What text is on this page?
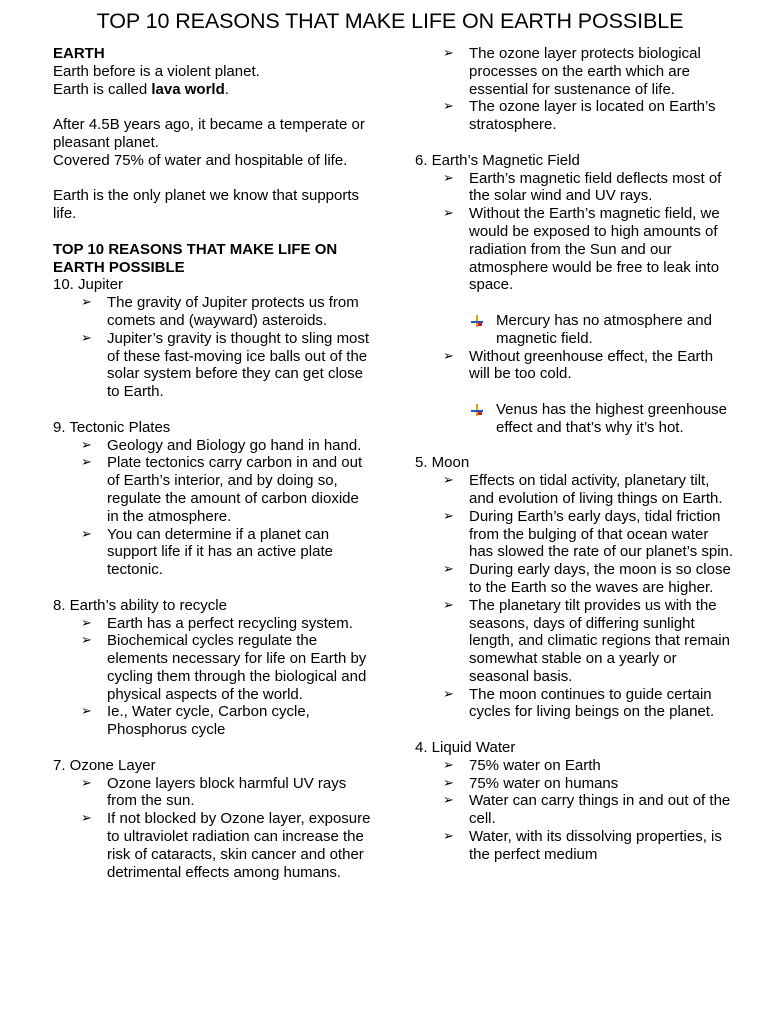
TOP 10 REASONS THAT MAKE LIFE ON EARTH POSSIBLE

EARTH

Earth before is a violent planet.

Earth is called lava world.

After 4.5B years ago, it became a temperate or pleasant planet.

Covered 75% of water and hospitable of life.

Earth is the only planet we know that supports life.

TOP 10 REASONS THAT MAKE LIFE ON EARTH POSSIBLE

10. Jupiter

➢ The gravity of Jupiter protects us from comets and (wayward) asteroids.
➢ Jupiter’s gravity is thought to sling most of these fast-moving ice balls out of the solar system before they can get close to Earth.

9. Tectonic Plates

➢ Geology and Biology go hand in hand.
➢ Plate tectonics carry carbon in and out of Earth’s interior, and by doing so, regulate the amount of carbon dioxide in the atmosphere.
➢ You can determine if a planet can support life if it has an active plate tectonic.

8. Earth’s ability to recycle

➢ Earth has a perfect recycling system.
➢ Biochemical cycles regulate the elements necessary for life on Earth by cycling them through the biological and physical aspects of the world.
➢ Ie., Water cycle, Carbon cycle, Phosphorus cycle

7. Ozone Layer

➢ Ozone layers block harmful UV rays from the sun.
➢ If not blocked by Ozone layer, exposure to ultraviolet radiation can increase the risk of cataracts, skin cancer and other detrimental effects among humans.
➢ The ozone layer protects biological processes on the earth which are essential for sustenance of life.
➢ The ozone layer is located on Earth’s stratosphere.

6. Earth’s Magnetic Field

➢ Earth’s magnetic field deflects most of the solar wind and UV rays.
➢ Without the Earth’s magnetic field, we would be exposed to high amounts of radiation from the Sun and our atmosphere would be free to leak into space.
Mercury has no atmosphere and magnetic field.
➢ Without greenhouse effect, the Earth will be too cold.
Venus has the highest greenhouse effect and that’s why it’s hot.

5. Moon

➢ Effects on tidal activity, planetary tilt, and evolution of living things on Earth.
➢ During Earth’s early days, tidal friction from the bulging of that ocean water has slowed the rate of our planet’s spin.
➢ During early days, the moon is so close to the Earth so the waves are higher.
➢ The planetary tilt provides us with the seasons, days of differing sunlight length, and climatic regions that remain somewhat stable on a yearly or seasonal basis.
➢ The moon continues to guide certain cycles for living beings on the planet.

4. Liquid Water

➢ 75% water on Earth
➢ 75% water on humans
➢ Water can carry things in and out of the cell.
➢ Water, with its dissolving properties, is the perfect medium
